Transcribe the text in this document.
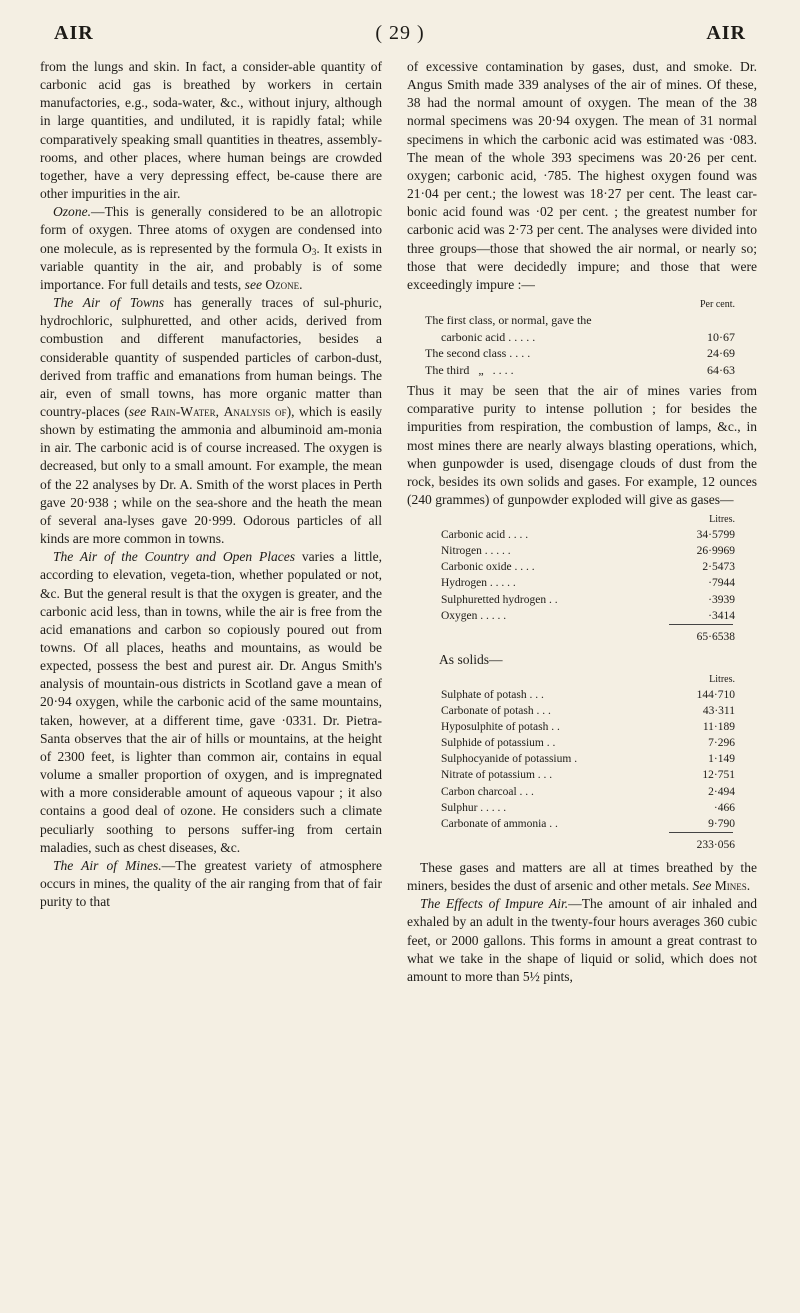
AIR	( 29 )	AIR

from the lungs and skin. In fact, a consider-able quantity of carbonic acid gas is breathed by workers in certain manufactories, e.g., soda-water, &c., without injury, although in large quantities, and undiluted, it is rapidly fatal; while comparatively speaking small quantities in theatres, assembly-rooms, and other places, where human beings are crowded together, have a very depressing effect, be-cause there are other impurities in the air.

Ozone.—This is generally considered to be an allotropic form of oxygen. Three atoms of oxygen are condensed into one molecule, as is represented by the formula $O_3$. It exists in variable quantity in the air, and probably is of some importance. For full details and tests, see Ozone.

The Air of Towns has generally traces of sul-phuric, hydrochloric, sulphuretted, and other acids, derived from combustion and different manufactories, besides a considerable quantity of suspended particles of carbon-dust, derived from traffic and emanations from human beings. The air, even of small towns, has more organic matter than country-places (see Rain-Water, Analysis of), which is easily shown by estimating the ammonia and albuminoid am-monia in air. The carbonic acid is of course increased. The oxygen is decreased, but only to a small amount. For example, the mean of the 22 analyses by Dr. A. Smith of the worst places in Perth gave 20·938 ; while on the sea-shore and the heath the mean of several ana-lyses gave 20·999. Odorous particles of all kinds are more common in towns.

The Air of the Country and Open Places varies a little, according to elevation, vegeta-tion, whether populated or not, &c. But the general result is that the oxygen is greater, and the carbonic acid less, than in towns, while the air is free from the acid emanations and carbon so copiously poured out from towns. Of all places, heaths and mountains, as would be expected, possess the best and purest air. Dr. Angus Smith's analysis of mountain-ous districts in Scotland gave a mean of 20·94 oxygen, while the carbonic acid of the same mountains, taken, however, at a different time, gave ·0331. Dr. Pietra-Santa observes that the air of hills or mountains, at the height of 2300 feet, is lighter than common air, contains in equal volume a smaller proportion of oxygen, and is impregnated with a more considerable amount of aqueous vapour ; it also contains a good deal of ozone. He considers such a climate peculiarly soothing to persons suffer-ing from certain maladies, such as chest diseases, &c.

The Air of Mines.—The greatest variety of atmosphere occurs in mines, the quality of the air ranging from that of fair purity to that

of excessive contamination by gases, dust, and smoke. Dr. Angus Smith made 339 analyses of the air of mines. Of these, 38 had the normal amount of oxygen. The mean of the 38 normal specimens was 20·94 oxygen. The mean of 31 normal specimens in which the carbonic acid was estimated was ·083. The mean of the whole 393 specimens was 20·26 per cent. oxygen; carbonic acid, ·785. The highest oxygen found was 21·04 per cent.; the lowest was 18·27 per cent. The least car-bonic acid found was ·02 per cent. ; the greatest number for carbonic acid was 2·73 per cent. The analyses were divided into three groups—those that showed the air normal, or nearly so; those that were decidedly impure; and those that were exceedingly impure :—

Per cent.
The first class, or normal, gave the
carbonic acid . . . . .	10·67
The second class . . . .	24·69
The third   „   . . . .	64·63

Thus it may be seen that the air of mines varies from comparative purity to intense pollution ; for besides the impurities from respiration, the combustion of lamps, &c., in most mines there are nearly always blasting operations, which, when gunpowder is used, disengage clouds of dust from the rock, besides its own solids and gases. For example, 12 ounces (240 grammes) of gunpowder exploded will give as gases—

Litres.
Carbonic acid . . . .	34·5799
Nitrogen . . . . .	26·9969
Carbonic oxide . . . .	2·5473
Hydrogen . . . . .	·7944
Sulphuretted hydrogen . .	·3939
Oxygen . . . . .	·3414
65·6538
As solids—
Litres.
Sulphate of potash . . .	144·710
Carbonate of potash . . .	43·311
Hyposulphite of potash . .	11·189
Sulphide of potassium . .	7·296
Sulphocyanide of potassium .	1·149
Nitrate of potassium . . .	12·751
Carbon charcoal . . .	2·494
Sulphur . . . . .	·466
Carbonate of ammonia . .	9·790
233·056

These gases and matters are all at times breathed by the miners, besides the dust of arsenic and other metals. See Mines.

The Effects of Impure Air.—The amount of air inhaled and exhaled by an adult in the twenty-four hours averages 360 cubic feet, or 2000 gallons. This forms in amount a great contrast to what we take in the shape of liquid or solid, which does not amount to more than 5½ pints,
